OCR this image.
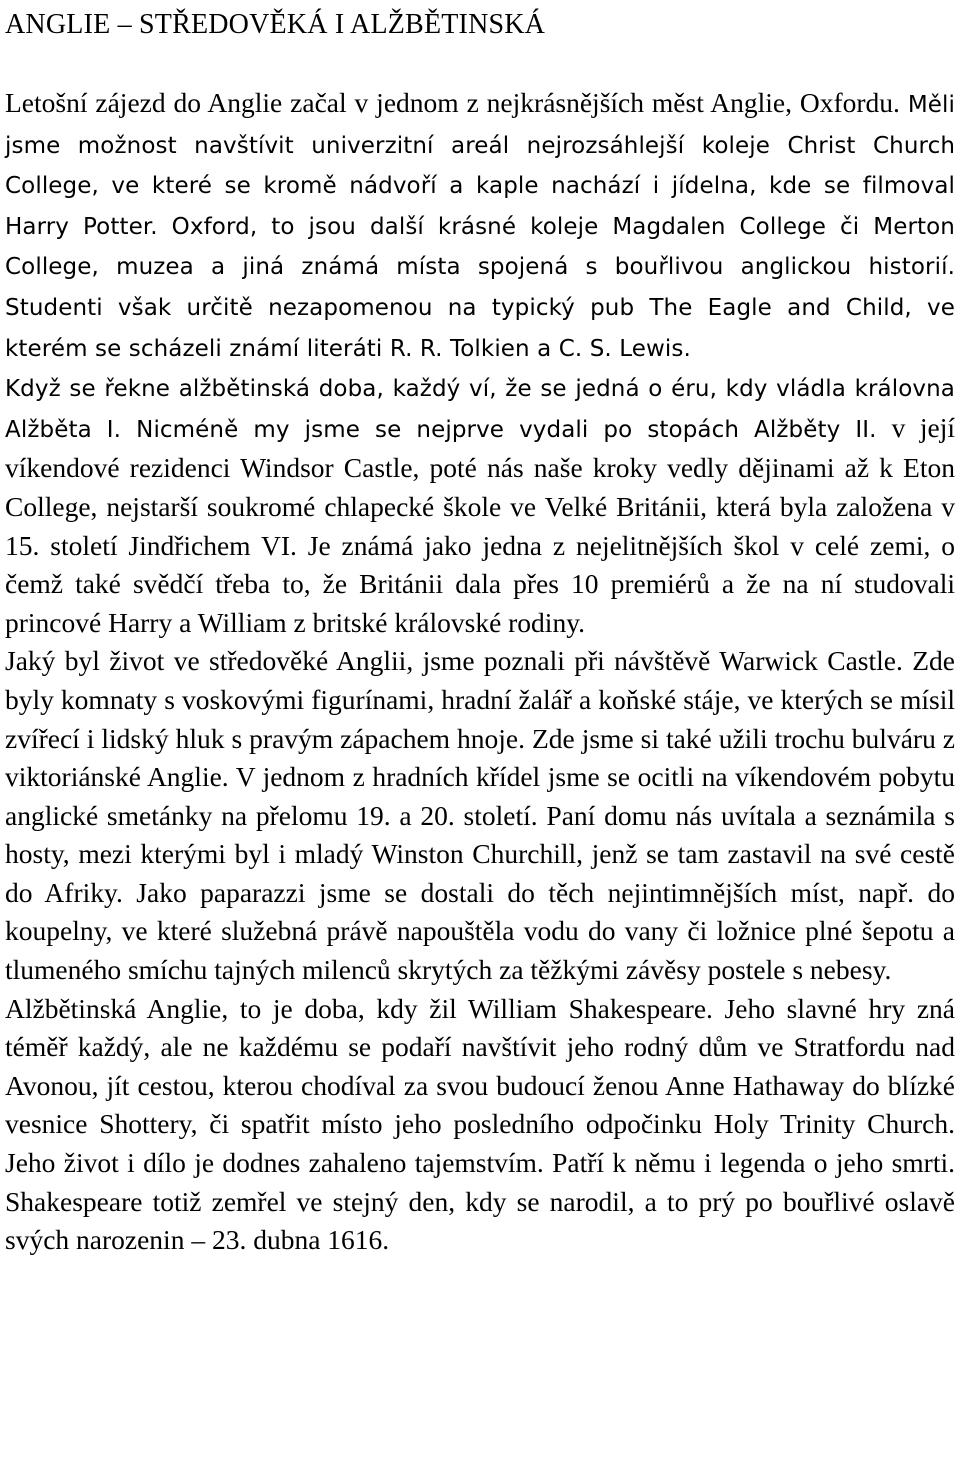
ANGLIE – STŘEDOVĚKÁ I ALŽBĚTINSKÁ

Letošní zájezd do Anglie začal v jednom z nejkrásnějších měst Anglie, Oxfordu. Měli jsme možnost navštívit univerzitní areál nejrozsáhlejší koleje Christ Church College, ve které se kromě nádvoří a kaple nachází i jídelna, kde se filmoval Harry Potter. Oxford, to jsou další krásné koleje Magdalen College či Merton College, muzea a jiná známá místa spojená s bouřlivou anglickou historií. Studenti však určitě nezapomenou na typický pub The Eagle and Child, ve kterém se scházeli známí literáti R. R. Tolkien a C. S. Lewis.

Když se řekne alžbětinská doba, každý ví, že se jedná o éru, kdy vládla královna Alžběta I. Nicméně my jsme se nejprve vydali po stopách Alžběty II. v její víkendové rezidenci Windsor Castle, poté nás naše kroky vedly dějinami až k Eton College, nejstarší soukromé chlapecké škole ve Velké Británii, která byla založena v 15. století Jindřichem VI. Je známá jako jedna z nejelitnějších škol v celé zemi, o čemž také svědčí třeba to, že Británii dala přes 10 premiérů a že na ní studovali princové Harry a William z britské královské rodiny.

Jaký byl život ve středověké Anglii, jsme poznali při návštěvě Warwick Castle. Zde byly komnaty s voskovými figurínami, hradní žalář a koňské stáje, ve kterých se mísil zvířecí i lidský hluk s pravým zápachem hnoje. Zde jsme si také užili trochu bulváru z viktoriánské Anglie. V jednom z hradních křídel jsme se ocitli na víkendovém pobytu anglické smetánky na přelomu 19. a 20. století. Paní domu nás uvítala a seznámila s hosty, mezi kterými byl i mladý Winston Churchill, jenž se tam zastavil na své cestě do Afriky. Jako paparazzi jsme se dostali do těch nejintimnějších míst, např. do koupelny, ve které služebná právě napouštěla vodu do vany či ložnice plné šepotu a tlumeného smíchu tajných milenců skrytých za těžkými závěsy postele s nebesy.

Alžbětinská Anglie, to je doba, kdy žil William Shakespeare. Jeho slavné hry zná téměř každý, ale ne každému se podaří navštívit jeho rodný dům ve Stratfordu nad Avonou, jít cestou, kterou chodíval za svou budoucí ženou Anne Hathaway do blízké vesnice Shottery, či spatřit místo jeho posledního odpočinku Holy Trinity Church. Jeho život i dílo je dodnes zahaleno tajemstvím. Patří k němu i legenda o jeho smrti. Shakespeare totiž zemřel ve stejný den, kdy se narodil, a to prý po bouřlivé oslavě svých narozenin – 23. dubna 1616.
